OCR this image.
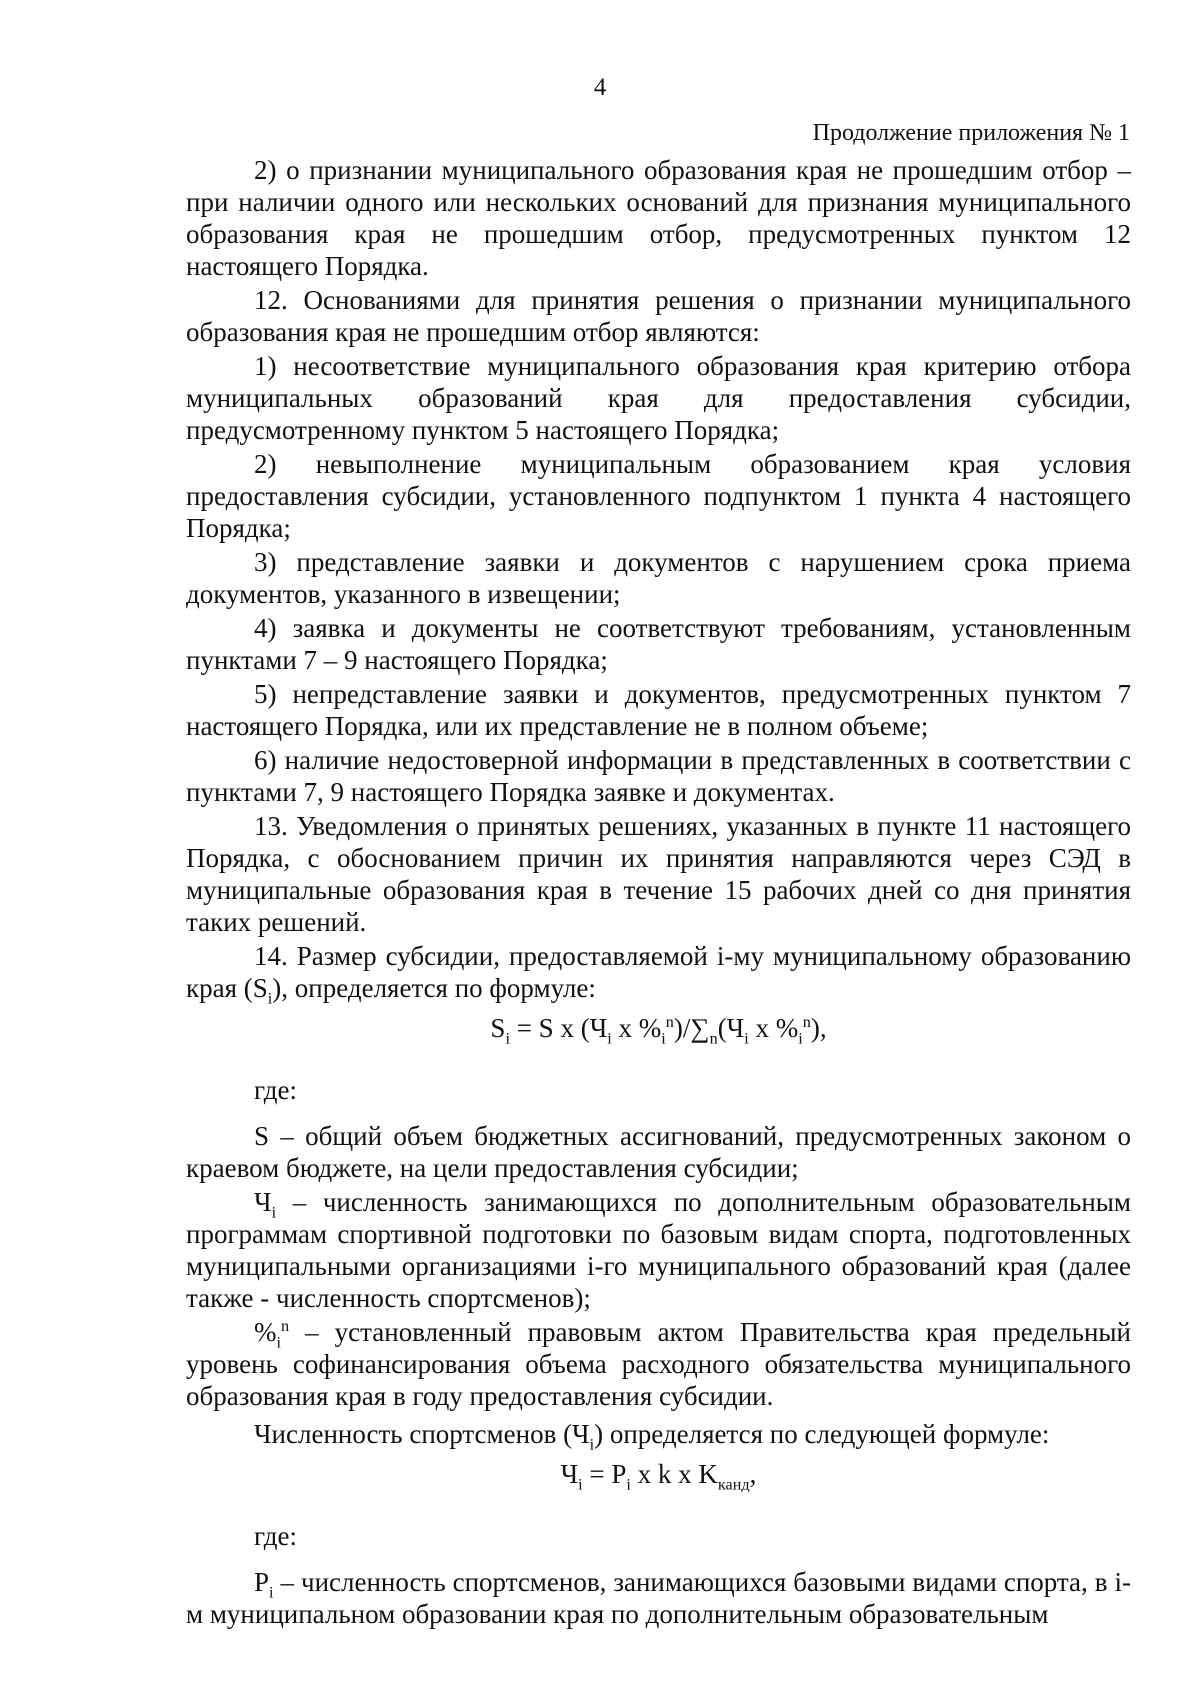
4
Продолжение приложения № 1

2) о признании муниципального образования края не прошедшим отбор – при наличии одного или нескольких оснований для признания муниципального образования края не прошедшим отбор, предусмотренных пунктом 12 настоящего Порядка.

12. Основаниями для принятия решения о признании муниципального образования края не прошедшим отбор являются:

1) несоответствие муниципального образования края критерию отбора муниципальных образований края для предоставления субсидии, предусмотренному пунктом 5 настоящего Порядка;

2) невыполнение муниципальным образованием края условия предоставления субсидии, установленного подпунктом 1 пункта 4 настоящего Порядка;

3) представление заявки и документов с нарушением срока приема документов, указанного в извещении;

4) заявка и документы не соответствуют требованиям, установленным пунктами 7 – 9 настоящего Порядка;

5) непредставление заявки и документов, предусмотренных пунктом 7 настоящего Порядка, или их представление не в полном объеме;

6) наличие недостоверной информации в представленных в соответствии с пунктами 7, 9 настоящего Порядка заявке и документах.

13. Уведомления о принятых решениях, указанных в пункте 11 настоящего Порядка, с обоснованием причин их принятия направляются через СЭД в муниципальные образования края в течение 15 рабочих дней со дня принятия таких решений.

14. Размер субсидии, предоставляемой i-му муниципальному образованию края $(S_i)$, определяется по формуле:

$S_i = S$ x ($Ч_i$ x $\%_i^n)/\sum_n(Ч_i$ x $\%_i^n$),
где:

S – общий объем бюджетных ассигнований, предусмотренных законом о краевом бюджете, на цели предоставления субсидии;

$Ч_i$ – численность занимающихся по дополнительным образовательным программам спортивной подготовки по базовым видам спорта, подготовленных муниципальными организациями i-го муниципального образований края (далее также - численность спортсменов);

$\%_i^n$ – установленный правовым актом Правительства края предельный уровень софинансирования объема расходного обязательства муниципального образования края в году предоставления субсидии.

Численность спортсменов $(Ч_i)$ определяется по следующей формуле:

$Ч_i = P_i$ x k x $K_{канд}$,
где:

$P_i$ – численность спортсменов, занимающихся базовыми видами спорта, в i-м муниципальном образовании края по дополнительным образовательным
